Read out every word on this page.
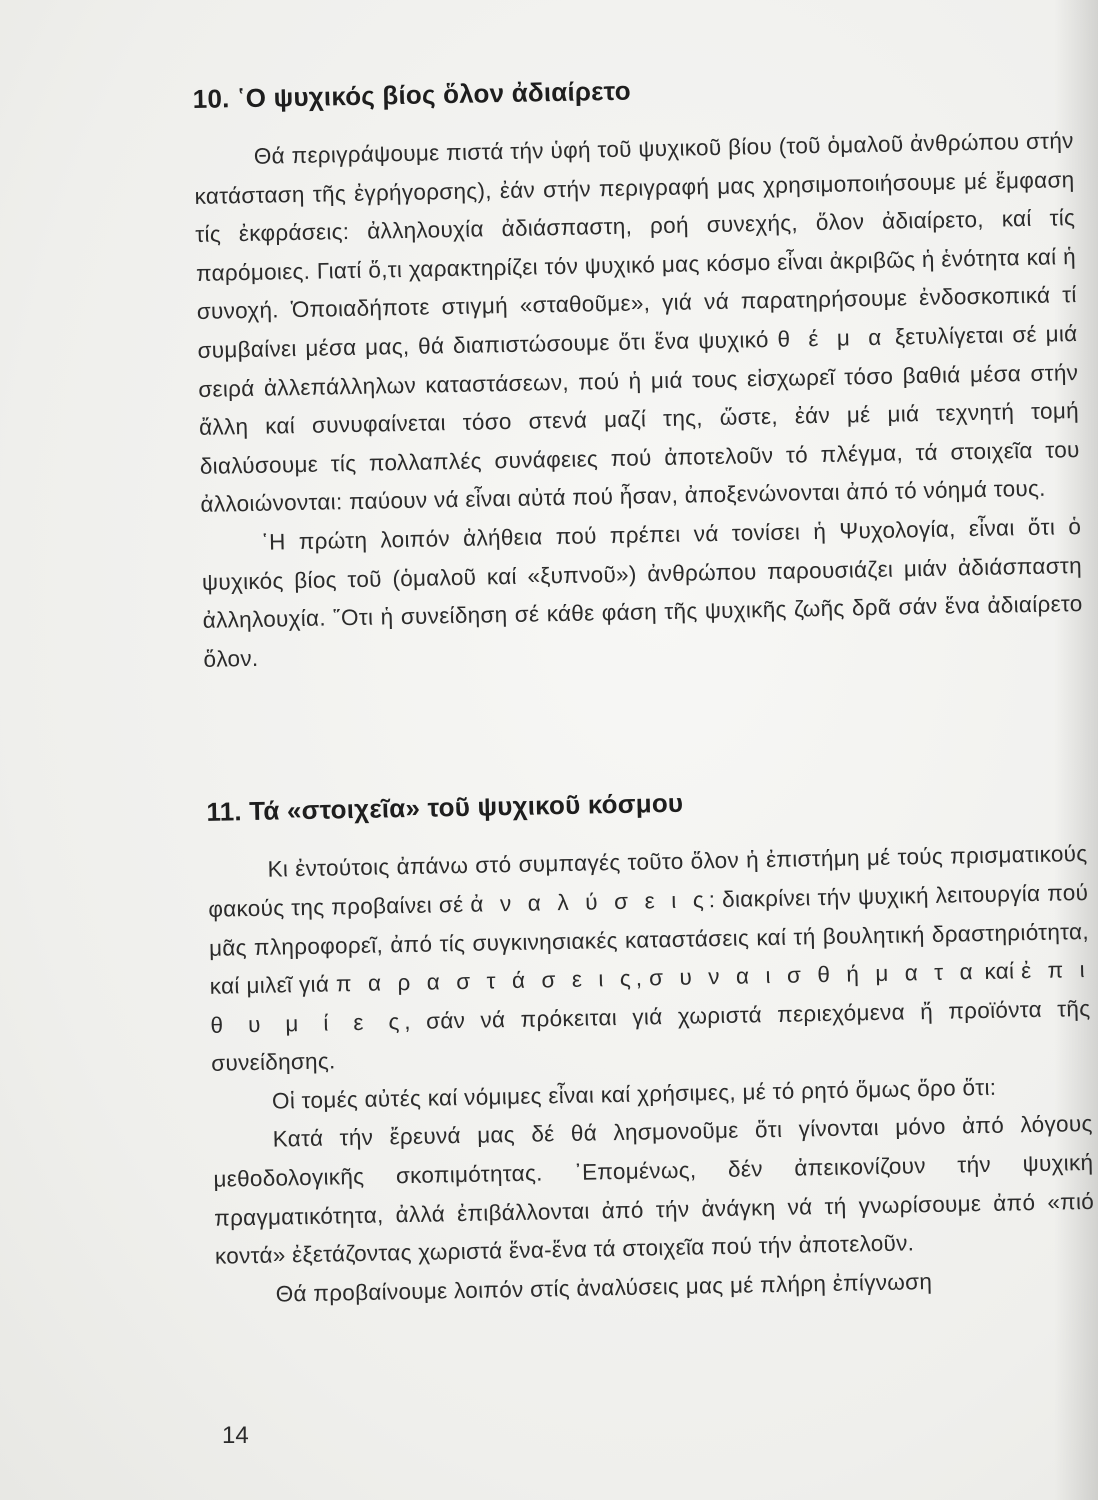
10. ῾Ο ψυχικός βίος ὅλον ἀδιαίρετο

Θά περιγράψουμε πιστά τήν ὑφή τοῦ ψυχικοῦ βίου (τοῦ ὁμαλοῦ ἀνθρώπου στήν κατάσταση τῆς ἐγρήγορσης), ἐάν στήν περιγραφή μας χρησιμοποιήσουμε μέ ἔμφαση τίς ἐκφράσεις: ἀλληλουχία ἀδιάσπαστη, ροή συνεχής, ὅλον ἀδιαίρετο, καί τίς παρόμοιες. Γιατί ὅ,τι χαρακτηρίζει τόν ψυχικό μας κόσμο εἶναι ἀκριβῶς ἡ ἑνότητα καί ἡ συνοχή. Ὁποιαδήποτε στιγμή «σταθοῦμε», γιά νά παρατηρήσουμε ἐνδοσκοπικά τί συμβαίνει μέσα μας, θά διαπιστώσουμε ὅτι ἕνα ψυχικό θ έ μ α ξετυλίγεται σέ μιά σειρά ἀλλεπάλληλων καταστάσεων, πού ἡ μιά τους εἰσχωρεῖ τόσο βαθιά μέσα στήν ἄλλη καί συνυφαίνεται τόσο στενά μαζί της, ὥστε, ἐάν μέ μιά τεχνητή τομή διαλύσουμε τίς πολλαπλές συνάφειες πού ἀποτελοῦν τό πλέγμα, τά στοιχεῖα του ἀλλοιώνονται: παύουν νά εἶναι αὐτά πού ἦσαν, ἀποξενώνονται ἀπό τό νόημά τους.

῾Η πρώτη λοιπόν ἀλήθεια πού πρέπει νά τονίσει ἡ Ψυχολογία, εἶναι ὅτι ὁ ψυχικός βίος τοῦ (ὁμαλοῦ καί «ξυπνοῦ») ἀνθρώπου παρουσιάζει μιάν ἀδιάσπαστη ἀλληλουχία. ῞Οτι ἡ συνείδηση σέ κάθε φάση τῆς ψυχικῆς ζωῆς δρᾶ σάν ἕνα ἀδιαίρετο ὅλον.

11. Τά «στοιχεῖα» τοῦ ψυχικοῦ κόσμου

Κι ἐντούτοις ἀπάνω στό συμπαγές τοῦτο ὅλον ἡ ἐπιστήμη μέ τούς πρισματικούς φακούς της προβαίνει σέ ἀ ν α λ ύ σ ε ι ς: διακρίνει τήν ψυχική λειτουργία πού μᾶς πληροφορεῖ, ἀπό τίς συγκινησιακές καταστάσεις καί τή βουλητική δραστηριότητα, καί μιλεῖ γιά π α ρ α σ τ ά σ ε ι ς, σ υ ν α ι σ θ ή μ α τ α καί ἐ π ι θ υ μ ί ε ς, σάν νά πρόκειται γιά χωριστά περιεχόμενα ἤ προϊόντα τῆς συνείδησης.

Οἱ τομές αὐτές καί νόμιμες εἶναι καί χρήσιμες, μέ τό ρητό ὅμως ὅρο ὅτι:

Κατά τήν ἔρευνά μας δέ θά λησμονοῦμε ὅτι γίνονται μόνο ἀπό λόγους μεθοδολογικῆς σκοπιμότητας. ᾿Επομένως, δέν ἀπεικονίζουν τήν ψυχική πραγματικότητα, ἀλλά ἐπιβάλλονται ἀπό τήν ἀνάγκη νά τή γνωρίσουμε ἀπό «πιό κοντά» ἐξετάζοντας χωριστά ἕνα-ἕνα τά στοιχεῖα πού τήν ἀποτελοῦν.

Θά προβαίνουμε λοιπόν στίς ἀναλύσεις μας μέ πλήρη ἐπίγνωση

14
